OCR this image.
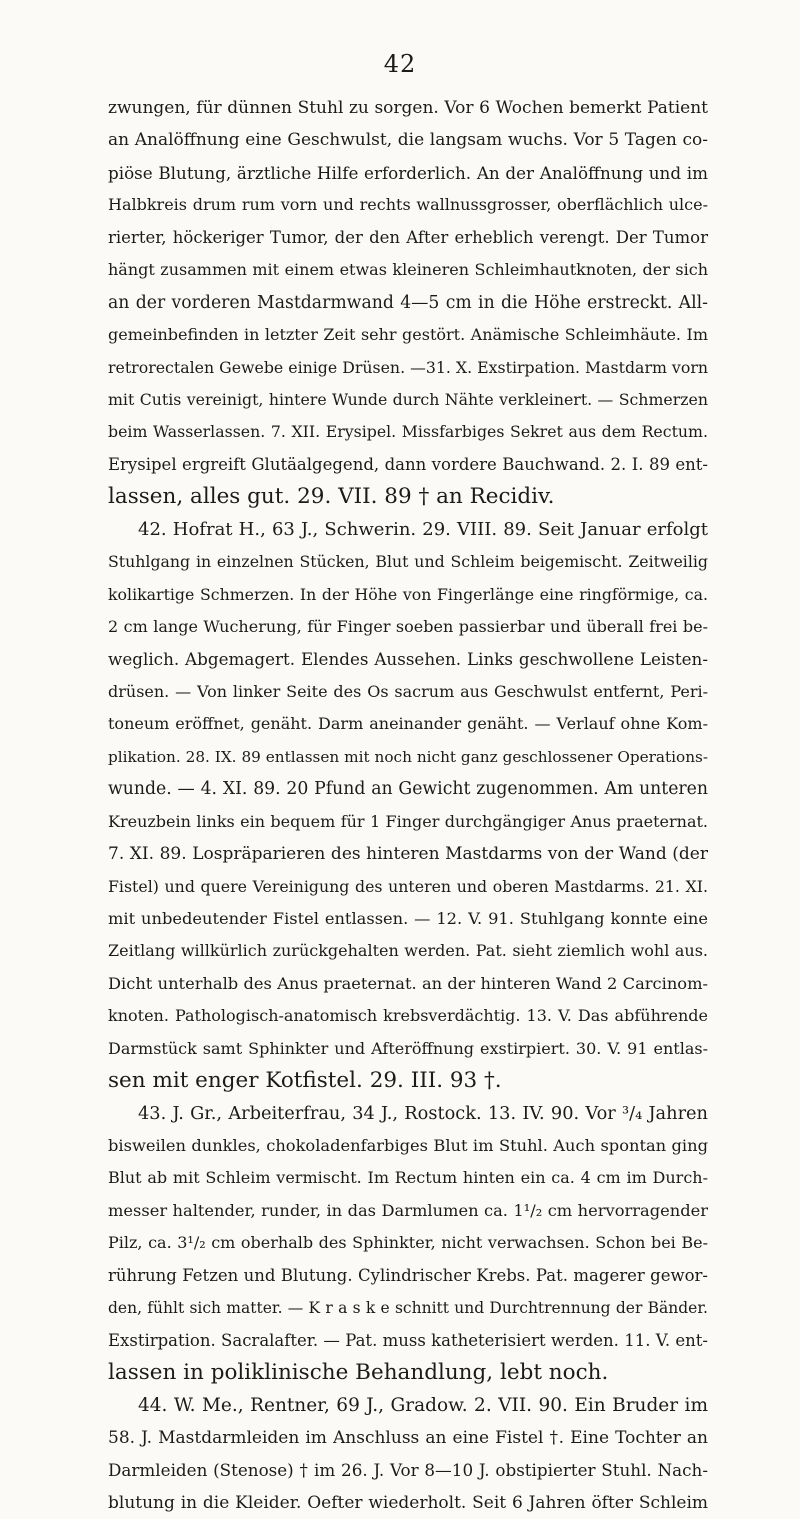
42
zwungen, für dünnen Stuhl zu sorgen. Vor 6 Wochen bemerkt Patient
an Analöffnung eine Geschwulst, die langsam wuchs. Vor 5 Tagen co-
piöse Blutung, ärztliche Hilfe erforderlich. An der Analöffnung und im
Halbkreis drum rum vorn und rechts wallnussgrosser, oberflächlich ulce-
rierter, höckeriger Tumor, der den After erheblich verengt. Der Tumor
hängt zusammen mit einem etwas kleineren Schleimhautknoten, der sich
an der vorderen Mastdarmwand 4—5 cm in die Höhe erstreckt. All-
gemeinbefinden in letzter Zeit sehr gestört. Anämische Schleimhäute. Im
retrorectalen Gewebe einige Drüsen. —31. X. Exstirpation. Mastdarm vorn
mit Cutis vereinigt, hintere Wunde durch Nähte verkleinert. — Schmerzen
beim Wasserlassen. 7. XII. Erysipel. Missfarbiges Sekret aus dem Rectum.
Erysipel ergreift Glutäalgegend, dann vordere Bauchwand. 2. I. 89 ent-
lassen, alles gut. 29. VII. 89 † an Recidiv.
42. Hofrat H., 63 J., Schwerin. 29. VIII. 89. Seit Januar erfolgt
Stuhlgang in einzelnen Stücken, Blut und Schleim beigemischt. Zeitweilig
kolikartige Schmerzen. In der Höhe von Fingerlänge eine ringförmige, ca.
2 cm lange Wucherung, für Finger soeben passierbar und überall frei be-
weglich. Abgemagert. Elendes Aussehen. Links geschwollene Leisten-
drüsen. — Von linker Seite des Os sacrum aus Geschwulst entfernt, Peri-
toneum eröffnet, genäht. Darm aneinander genäht. — Verlauf ohne Kom-
plikation. 28. IX. 89 entlassen mit noch nicht ganz geschlossener Operations-
wunde. — 4. XI. 89. 20 Pfund an Gewicht zugenommen. Am unteren
Kreuzbein links ein bequem für 1 Finger durchgängiger Anus praeternat.
7. XI. 89. Lospräparieren des hinteren Mastdarms von der Wand (der
Fistel) und quere Vereinigung des unteren und oberen Mastdarms. 21. XI.
mit unbedeutender Fistel entlassen. — 12. V. 91. Stuhlgang konnte eine
Zeitlang willkürlich zurückgehalten werden. Pat. sieht ziemlich wohl aus.
Dicht unterhalb des Anus praeternat. an der hinteren Wand 2 Carcinom-
knoten. Pathologisch-anatomisch krebsverdächtig. 13. V. Das abführende
Darmstück samt Sphinkter und Afteröffnung exstirpiert. 30. V. 91 entlas-
sen mit enger Kotfistel. 29. III. 93 †.
43. J. Gr., Arbeiterfrau, 34 J., Rostock. 13. IV. 90. Vor ³/₄ Jahren
bisweilen dunkles, chokoladenfarbiges Blut im Stuhl. Auch spontan ging
Blut ab mit Schleim vermischt. Im Rectum hinten ein ca. 4 cm im Durch-
messer haltender, runder, in das Darmlumen ca. 1¹/₂ cm hervorragender
Pilz, ca. 3¹/₂ cm oberhalb des Sphinkter, nicht verwachsen. Schon bei Be-
rührung Fetzen und Blutung. Cylindrischer Krebs. Pat. magerer gewor-
den, fühlt sich matter. — K r a s k e schnitt und Durchtrennung der Bänder.
Exstirpation. Sacralafter. — Pat. muss katheterisiert werden. 11. V. ent-
lassen in poliklinische Behandlung, lebt noch.
44. W. Me., Rentner, 69 J., Gradow. 2. VII. 90. Ein Bruder im
58. J. Mastdarmleiden im Anschluss an eine Fistel †. Eine Tochter an
Darmleiden (Stenose) † im 26. J. Vor 8—10 J. obstipierter Stuhl. Nach-
blutung in die Kleider. Oefter wiederholt. Seit 6 Jahren öfter Schleim
